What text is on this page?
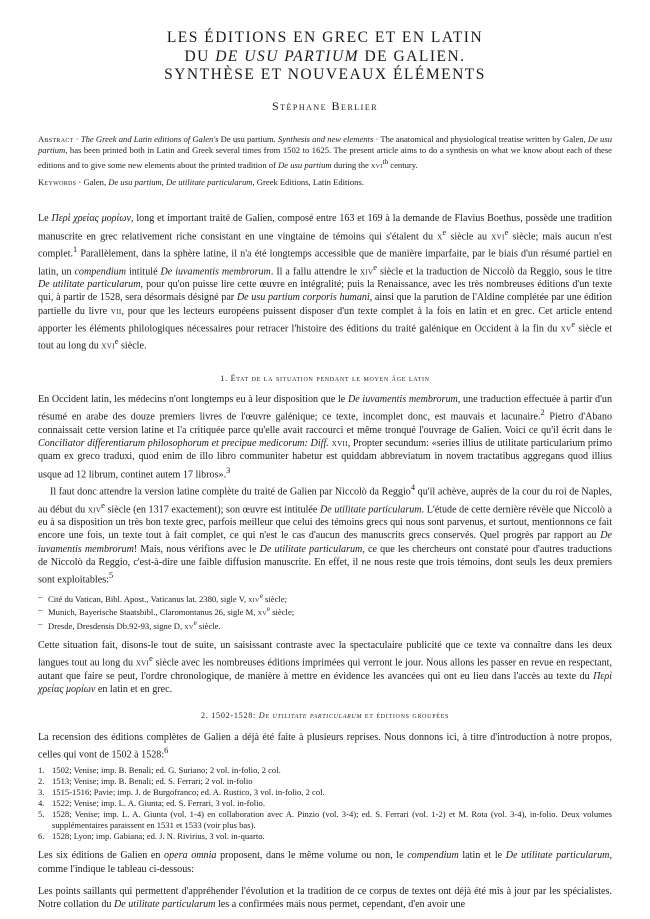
LES ÉDITIONS EN GREC ET EN LATIN
DU DE USU PARTIUM DE GALIEN.
SYNTHÈSE ET NOUVEAUX ÉLÉMENTS
Stéphane Berlier
Abstract · The Greek and Latin editions of Galen's De usu partium. Synthesis and new elements · The anatomical and physiological treatise written by Galen, De usu partium, has been printed both in Latin and Greek several times from 1502 to 1625. The present article aims to do a synthesis on what we know about each of these editions and to give some new elements about the printed tradition of De usu partium during the xvi$^{th}$ century.
Keywords · Galen, De usu partium, De utilitate particularum, Greek Editions, Latin Editions.

Le Περὶ χρείας μορίων, long et important traité de Galien, composé entre 163 et 169 à la demande de Flavius Boethus, possède une tradition manuscrite en grec relativement riche consistant en une vingtaine de témoins qui s'étalent du $x^e$ siècle au xvi$^e$ siècle; mais aucun n'est complet.$^1$ Parallèlement, dans la sphère latine, il n'a été longtemps accessible que de manière imparfaite, par le biais d'un résumé partiel en latin, un compendium intitulé De iuvamentis membrorum. Il a fallu attendre le xiv$^e$ siècle et la traduction de Niccolò da Reggio, sous le titre De utilitate particularum, pour qu'on puisse lire cette œuvre en intégralité; puis la Renaissance, avec les très nombreuses éditions d'un texte qui, à partir de 1528, sera désormais désigné par De usu partium corporis humani, ainsi que la parution de l'Aldine complétée par une édition partielle du livre vii, pour que les lecteurs européens puissent disposer d'un texte complet à la fois en latin et en grec. Cet article entend apporter les éléments philologiques nécessaires pour retracer l'histoire des éditions du traité galénique en Occident à la fin du $xv^e$ siècle et tout au long du xvi$^e$ siècle.

1. État de la situation pendant le moyen âge latin

En Occident latin, les médecins n'ont longtemps eu à leur disposition que le De iuvamentis membrorum, une traduction effectuée à partir d'un résumé en arabe des douze premiers livres de l'œuvre galénique; ce texte, incomplet donc, est mauvais et lacunaire.$^2$ Pietro d'Abano connaissait cette version latine et l'a critiquée parce qu'elle avait raccourci et même tronqué l'ouvrage de Galien. Voici ce qu'il écrit dans le Conciliator differentiarum philosophorum et precipue medicorum: Diff. xvii, Propter secundum: «series illius de utilitate particularium primo quam ex greco traduxi, quod enim de illo libro communiter habetur est quiddam abbreviatum in novem tractatibus aggregans quod illius usque ad 12 librum, continet autem 17 libros».$^3$

Il faut donc attendre la version latine complète du traité de Galien par Niccolò da Reggio$^4$ qu'il achève, auprès de la cour du roi de Naples, au début du xiv$^e$ siècle (en 1317 exactement); son œuvre est intitulée De utilitate particularum. L'étude de cette dernière révèle que Niccolò a eu à sa disposition un très bon texte grec, parfois meilleur que celui des témoins grecs qui nous sont parvenus, et surtout, mentionnons ce fait encore une fois, un texte tout à fait complet, ce qui n'est le cas d'aucun des manuscrits grecs conservés. Quel progrès par rapport au De iuvamentis membrorum! Mais, nous vérifions avec le De utilitate particularum, ce que les chercheurs ont constaté pour d'autres traductions de Niccolò da Reggio, c'est-à-dire une faible diffusion manuscrite. En effet, il ne nous reste que trois témoins, dont seuls les deux premiers sont exploitables:$^5$

– Cité du Vatican, Bibl. Apost., Vaticanus lat. 2380, sigle V, xiv$^e$ siècle;
– Munich, Bayerische Staatsbibl., Claromontanus 26, sigle M, $xv^e$ siècle;
– Dresde, Dresdensis Db.92-93, signe D, $xv^e$ siècle.

Cette situation fait, disons-le tout de suite, un saisissant contraste avec la spectaculaire publicité que ce texte va connaître dans les deux langues tout au long du xvi$^e$ siècle avec les nombreuses éditions imprimées qui verront le jour. Nous allons les passer en revue en respectant, autant que faire se peut, l'ordre chronologique, de manière à mettre en évidence les avancées qui ont eu lieu dans l'accès au texte du Περὶ χρείας μορίων en latin et en grec.

2. 1502-1528: De utilitate particularum et éditions groupées

La recension des éditions complètes de Galien a déjà été faite à plusieurs reprises. Nous donnons ici, à titre d'introduction à notre propos, celles qui vont de 1502 à 1528:$^6$

1. 1502; Venise; imp. B. Benali; ed. G. Suriano; 2 vol. in-folio, 2 col.
2. 1513; Venise; imp. B. Benali; ed. S. Ferrari; 2 vol. in-folio
3. 1515-1516; Pavie; imp. J. de Burgofranco; ed. A. Rustico, 3 vol. in-folio, 2 col.
4. 1522; Venise; imp. L. A. Giunta; ed. S. Ferrari, 3 vol. in-folio.
5. 1528; Venise; imp. L. A. Giunta (vol. 1-4) en collaboration avec A. Pinzio (vol. 3-4); ed. S. Ferrari (vol. 1-2) et M. Rota (vol. 3-4), in-folio. Deux volumes supplémentaires paraissent en 1531 et 1533 (voir plus bas).
6. 1528; Lyon; imp. Gabiana; ed. J. N. Rivirius, 3 vol. in-quarto.

Les six éditions de Galien en opera omnia proposent, dans le même volume ou non, le compendium latin et le De utilitate particularum, comme l'indique le tableau ci-dessous:

Les points saillants qui permettent d'appréhender l'évolution et la tradition de ce corpus de textes ont déjà été mis à jour par les spécialistes. Notre collation du De utilitate particularum les a confirmées mais nous permet, cependant, d'en avoir une
